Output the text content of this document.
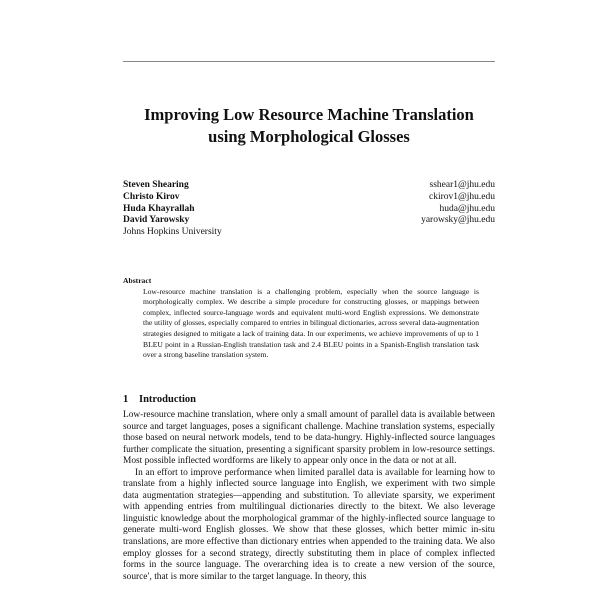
Improving Low Resource Machine Translation
using Morphological Glosses
Steven Shearing	sshear1@jhu.edu
Christo Kirov	ckirov1@jhu.edu
Huda Khayrallah	huda@jhu.edu
David Yarowsky	yarowsky@jhu.edu
Johns Hopkins University

Abstract

Low-resource machine translation is a challenging problem, especially when the source language is morphologically complex. We describe a simple procedure for constructing glosses, or mappings between complex, inflected source-language words and equivalent multi-word English expressions. We demonstrate the utility of glosses, especially compared to entries in bilingual dictionaries, across several data-augmentation strategies designed to mitigate a lack of training data. In our experiments, we achieve improvements of up to 1 BLEU point in a Russian-English translation task and 2.4 BLEU points in a Spanish-English translation task over a strong baseline translation system.

1 Introduction

Low-resource machine translation, where only a small amount of parallel data is available between source and target languages, poses a significant challenge. Machine translation systems, especially those based on neural network models, tend to be data-hungry. Highly-inflected source languages further complicate the situation, presenting a significant sparsity problem in low-resource settings. Most possible inflected wordforms are likely to appear only once in the data or not at all.

In an effort to improve performance when limited parallel data is available for learning how to translate from a highly inflected source language into English, we experiment with two simple data augmentation strategies—appending and substitution. To alleviate sparsity, we experiment with appending entries from multilingual dictionaries directly to the bitext. We also leverage linguistic knowledge about the morphological grammar of the highly-inflected source language to generate multi-word English glosses. We show that these glosses, which better mimic in-situ translations, are more effective than dictionary entries when appended to the training data. We also employ glosses for a second strategy, directly substituting them in place of complex inflected forms in the source language. The overarching idea is to create a new version of the source, source′, that is more similar to the target language. In theory, this
